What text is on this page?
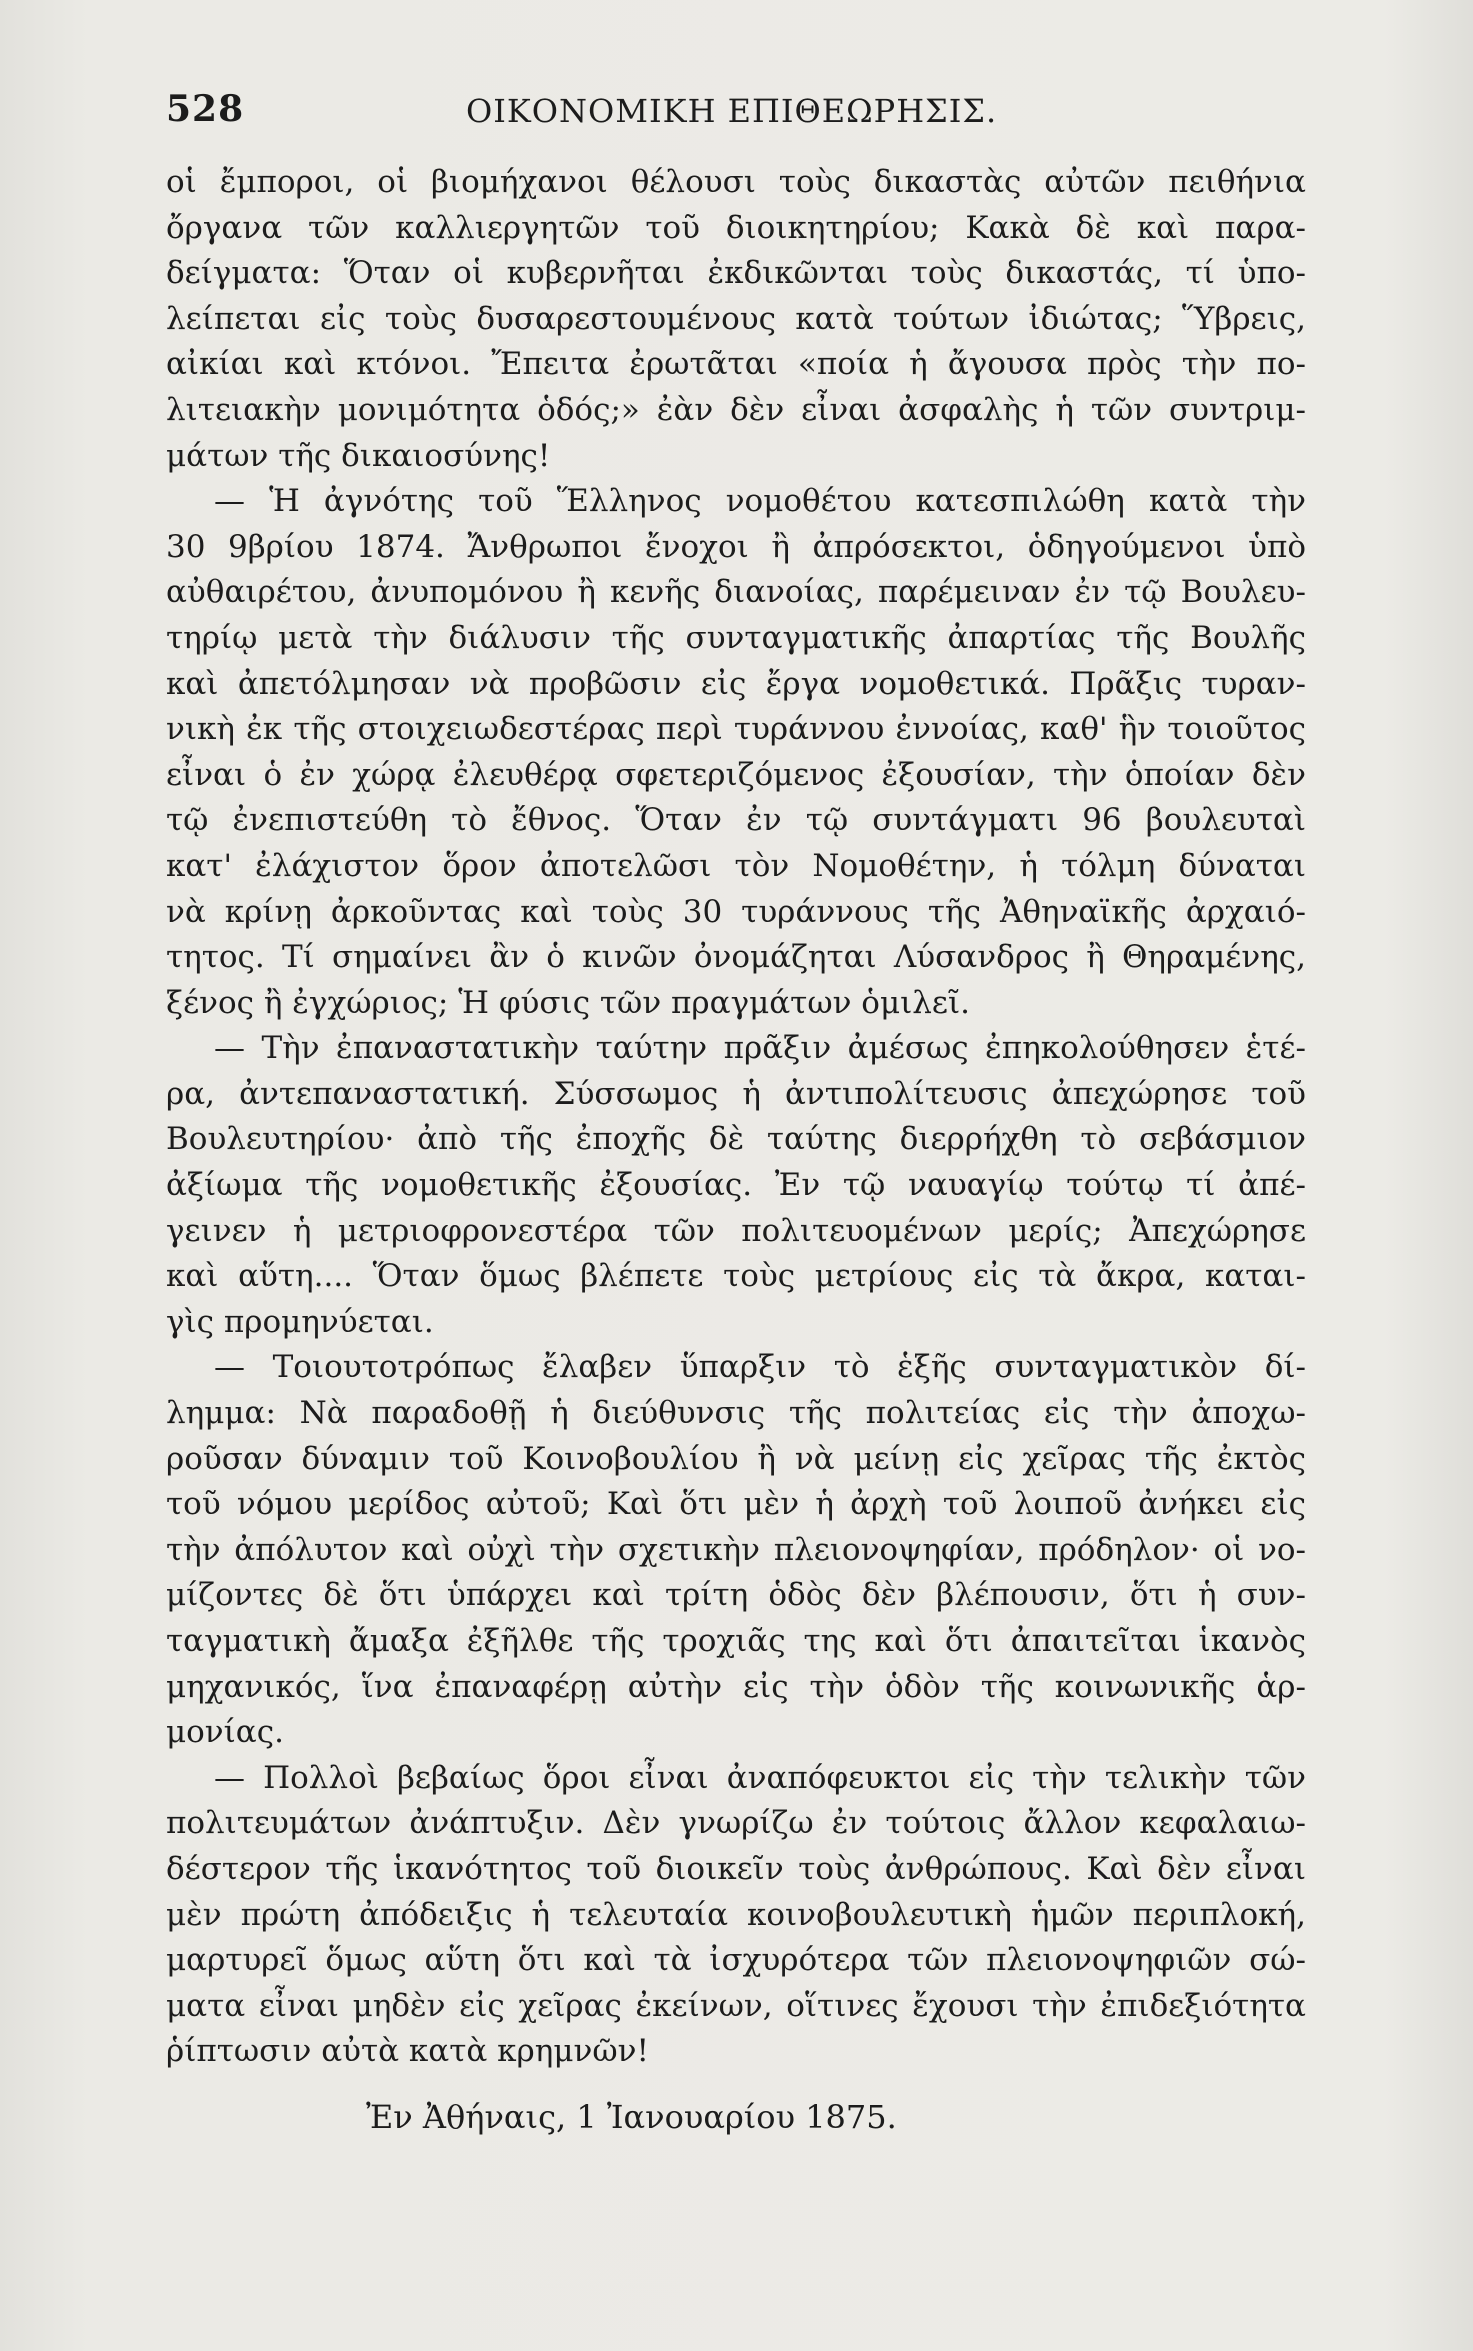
528	ΟΙΚΟΝΟΜΙΚΗ ΕΠΙΘΕΩΡΗΣΙΣ.
οἱ ἔμποροι, οἱ βιομήχανοι θέλουσι τοὺς δικαστὰς αὐτῶν πειθήνια
ὄργανα τῶν καλλιεργητῶν τοῦ διοικητηρίου; Κακὰ δὲ καὶ παρα-
δείγματα: Ὅταν οἱ κυβερνῆται ἐκδικῶνται τοὺς δικαστάς, τί ὑπο-
λείπεται εἰς τοὺς δυσαρεστουμένους κατὰ τούτων ἰδιώτας; Ὕβρεις,
αἰκίαι καὶ κτόνοι. Ἔπειτα ἐρωτᾶται «ποία ἡ ἄγουσα πρὸς τὴν πο-
λιτειακὴν μονιμότητα ὁδός;» ἐὰν δὲν εἶναι ἀσφαλὴς ἡ τῶν συντριμ-
μάτων τῆς δικαιοσύνης!
— Ἡ ἀγνότης τοῦ Ἕλληνος νομοθέτου κατεσπιλώθη κατὰ τὴν
30 9βρίου 1874. Ἄνθρωποι ἔνοχοι ἢ ἀπρόσεκτοι, ὁδηγούμενοι ὑπὸ
αὐθαιρέτου, ἀνυπομόνου ἢ κενῆς διανοίας, παρέμειναν ἐν τῷ Βουλευ-
τηρίῳ μετὰ τὴν διάλυσιν τῆς συνταγματικῆς ἀπαρτίας τῆς Βουλῆς
καὶ ἀπετόλμησαν νὰ προβῶσιν εἰς ἔργα νομοθετικά. Πρᾶξις τυραν-
νικὴ ἐκ τῆς στοιχειωδεστέρας περὶ τυράννου ἐννοίας, καθ' ἣν τοιοῦτος
εἶναι ὁ ἐν χώρᾳ ἐλευθέρᾳ σφετεριζόμενος ἐξουσίαν, τὴν ὁποίαν δὲν
τῷ ἐνεπιστεύθη τὸ ἔθνος. Ὅταν ἐν τῷ συντάγματι 96 βουλευταὶ
κατ' ἐλάχιστον ὅρον ἀποτελῶσι τὸν Νομοθέτην, ἡ τόλμη δύναται
νὰ κρίνῃ ἀρκοῦντας καὶ τοὺς 30 τυράννους τῆς Ἀθηναϊκῆς ἀρχαιό-
τητος. Τί σημαίνει ἂν ὁ κινῶν ὀνομάζηται Λύσανδρος ἢ Θηραμένης,
ξένος ἢ ἐγχώριος; Ἡ φύσις τῶν πραγμάτων ὁμιλεῖ.
— Τὴν ἐπαναστατικὴν ταύτην πρᾶξιν ἀμέσως ἐπηκολούθησεν ἑτέ-
ρα, ἀντεπαναστατική. Σύσσωμος ἡ ἀντιπολίτευσις ἀπεχώρησε τοῦ
Βουλευτηρίου· ἀπὸ τῆς ἐποχῆς δὲ ταύτης διερρήχθη τὸ σεβάσμιον
ἀξίωμα τῆς νομοθετικῆς ἐξουσίας. Ἐν τῷ ναυαγίῳ τούτῳ τί ἀπέ-
γεινεν ἡ μετριοφρονεστέρα τῶν πολιτευομένων μερίς; Ἀπεχώρησε
καὶ αὕτη.... Ὅταν ὅμως βλέπετε τοὺς μετρίους εἰς τὰ ἄκρα, καται-
γὶς προμηνύεται.
— Τοιουτοτρόπως ἔλαβεν ὕπαρξιν τὸ ἑξῆς συνταγματικὸν δί-
λημμα: Νὰ παραδοθῇ ἡ διεύθυνσις τῆς πολιτείας εἰς τὴν ἀποχω-
ροῦσαν δύναμιν τοῦ Κοινοβουλίου ἢ νὰ μείνῃ εἰς χεῖρας τῆς ἐκτὸς
τοῦ νόμου μερίδος αὐτοῦ; Καὶ ὅτι μὲν ἡ ἀρχὴ τοῦ λοιποῦ ἀνήκει εἰς
τὴν ἀπόλυτον καὶ οὐχὶ τὴν σχετικὴν πλειονοψηφίαν, πρόδηλον· οἱ νο-
μίζοντες δὲ ὅτι ὑπάρχει καὶ τρίτη ὁδὸς δὲν βλέπουσιν, ὅτι ἡ συν-
ταγματικὴ ἄμαξα ἐξῆλθε τῆς τροχιᾶς της καὶ ὅτι ἀπαιτεῖται ἱκανὸς
μηχανικός, ἵνα ἐπαναφέρῃ αὐτὴν εἰς τὴν ὁδὸν τῆς κοινωνικῆς ἁρ-
μονίας.
— Πολλοὶ βεβαίως ὅροι εἶναι ἀναπόφευκτοι εἰς τὴν τελικὴν τῶν
πολιτευμάτων ἀνάπτυξιν. Δὲν γνωρίζω ἐν τούτοις ἄλλον κεφαλαιω-
δέστερον τῆς ἱκανότητος τοῦ διοικεῖν τοὺς ἀνθρώπους. Καὶ δὲν εἶναι
μὲν πρώτη ἀπόδειξις ἡ τελευταία κοινοβουλευτικὴ ἡμῶν περιπλοκή,
μαρτυρεῖ ὅμως αὕτη ὅτι καὶ τὰ ἰσχυρότερα τῶν πλειονοψηφιῶν σώ-
ματα εἶναι μηδὲν εἰς χεῖρας ἐκείνων, οἵτινες ἔχουσι τὴν ἐπιδεξιότητα
ῥίπτωσιν αὐτὰ κατὰ κρημνῶν!
Ἐν Ἀθήναις, 1 Ἰανουαρίου 1875.
